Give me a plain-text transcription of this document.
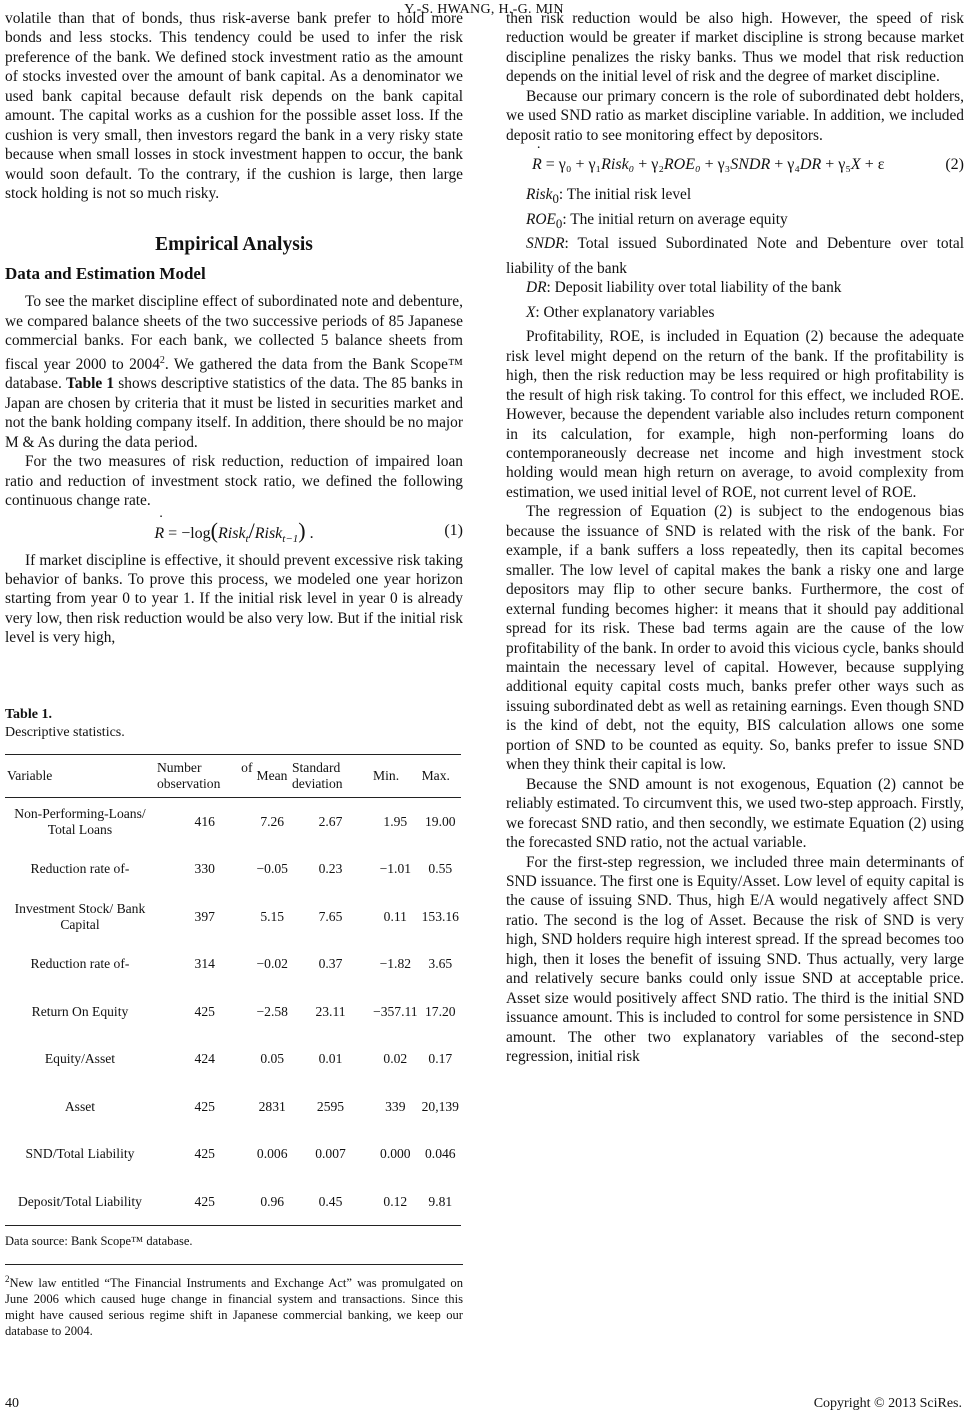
Y.-S. HWANG, H.-G. MIN

volatile than that of bonds, thus risk-averse bank prefer to hold more bonds and less stocks. This tendency could be used to infer the risk preference of the bank. We defined stock investment ratio as the amount of stocks invested over the amount of bank capital. As a denominator we used bank capital because default risk depends on the bank capital amount. The capital works as a cushion for the possible asset loss. If the cushion is very small, then investors regard the bank in a very risky state because when small losses in stock investment happen to occur, the bank would soon default. To the contrary, if the cushion is large, then large stock holding is not so much risky.

Empirical Analysis
Data and Estimation Model

To see the market discipline effect of subordinated note and debenture, we compared balance sheets of the two successive periods of 85 Japanese commercial banks. For each bank, we collected 5 balance sheets from fiscal year 2000 to 2004$^2$. We gathered the data from the Bank Scope™ database. Table 1 shows descriptive statistics of the data. The 85 banks in Japan are chosen by criteria that it must be listed in securities market and not the bank holding company itself. In addition, there should be no major M & As during the data period.

For the two measures of risk reduction, reduction of impaired loan ratio and reduction of investment stock ratio, we defined the following continuous change rate.

˙ R = −log(Risk$_t$/Risk$_{t-1}$) .	(1)

If market discipline is effective, it should prevent excessive risk taking behavior of banks. To prove this process, we modeled one year horizon starting from year 0 to year 1. If the initial risk level in year 0 is already very low, then risk reduction would be also very low. But if the initial risk level is very high,

Table 1.
Descriptive statistics.
Variable	Number of observation	Mean	Standard deviation	Min.	Max.
Non-Performing-Loans/ Total Loans	416	7.26	2.67	1.95	19.00
Reduction rate of-	330	−0.05	0.23	−1.01	0.55
Investment Stock/ Bank Capital	397	5.15	7.65	0.11	153.16
Reduction rate of-	314	−0.02	0.37	−1.82	3.65
Return On Equity	425	−2.58	23.11	−357.11	17.20
Equity/Asset	424	0.05	0.01	0.02	0.17
Asset	425	2831	2595	339	20,139
SND/Total Liability	425	0.006	0.007	0.000	0.046
Deposit/Total Liability	425	0.96	0.45	0.12	9.81
Data source: Bank Scope™ database.
$^2$New law entitled “The Financial Instruments and Exchange Act” was promulgated on June 2006 which caused huge change in financial system and transactions. Since this might have caused serious regime shift in Japanese commercial banking, we keep our database to 2004.

then risk reduction would be also high. However, the speed of risk reduction would be greater if market discipline is strong because market discipline penalizes the risky banks. Thus we model that risk reduction depends on the initial level of risk and the degree of market discipline.

Because our primary concern is the role of subordinated debt holders, we used SND ratio as market discipline variable. In addition, we included deposit ratio to see monitoring effect by depositors.

˙ R = γ₀ + γ₁Risk₀ + γ₂ROE₀ + γ₃SNDR + γ₄DR + γ₅X + ε	(2)

Risk$_0$: The initial risk level

$ROE_0$: The initial return on average equity

SNDR: Total issued Subordinated Note and Debenture over total liability of the bank

DR: Deposit liability over total liability of the bank

X: Other explanatory variables

Profitability, ROE, is included in Equation (2) because the adequate risk level might depend on the return of the bank. If the profitability is high, then the risk reduction may be less required or high profitability is the result of high risk taking. To control for this effect, we included ROE. However, because the dependent variable also includes return component in its calculation, for example, high non-performing loans do contemporaneously decrease net income and high investment stock holding would mean high return on average, to avoid complexity from estimation, we used initial level of ROE, not current level of ROE.

The regression of Equation (2) is subject to the endogenous bias because the issuance of SND is related with the risk of the bank. For example, if a bank suffers a loss repeatedly, then its capital becomes smaller. The low level of capital makes the bank a risky one and large depositors may flip to other secure banks. Furthermore, the cost of external funding becomes higher: it means that it should pay additional spread for its risk. These bad terms again are the cause of the low profitability of the bank. In order to avoid this vicious cycle, banks should maintain the necessary level of capital. However, because supplying additional equity capital costs much, banks prefer other ways such as issuing subordinated debt as well as retaining earnings. Even though SND is the kind of debt, not the equity, BIS calculation allows one some portion of SND to be counted as equity. So, banks prefer to issue SND when they think their capital is low.

Because the SND amount is not exogenous, Equation (2) cannot be reliably estimated. To circumvent this, we used two-step approach. Firstly, we forecast SND ratio, and then secondly, we estimate Equation (2) using the forecasted SND ratio, not the actual variable.

For the first-step regression, we included three main determinants of SND issuance. The first one is Equity/Asset. Low level of equity capital is the cause of issuing SND. Thus, high E/A would negatively affect SND ratio. The second is the log of Asset. Because the risk of SND is very high, SND holders require high interest spread. If the spread becomes too high, then it loses the benefit of issuing SND. Thus actually, very large and relatively secure banks could only issue SND at acceptable price. Asset size would positively affect SND ratio. The third is the initial SND issuance amount. This is included to control for some persistence in SND amount. The other two explanatory variables of the second-step regression, initial risk

40	Copyright © 2013 SciRes.
